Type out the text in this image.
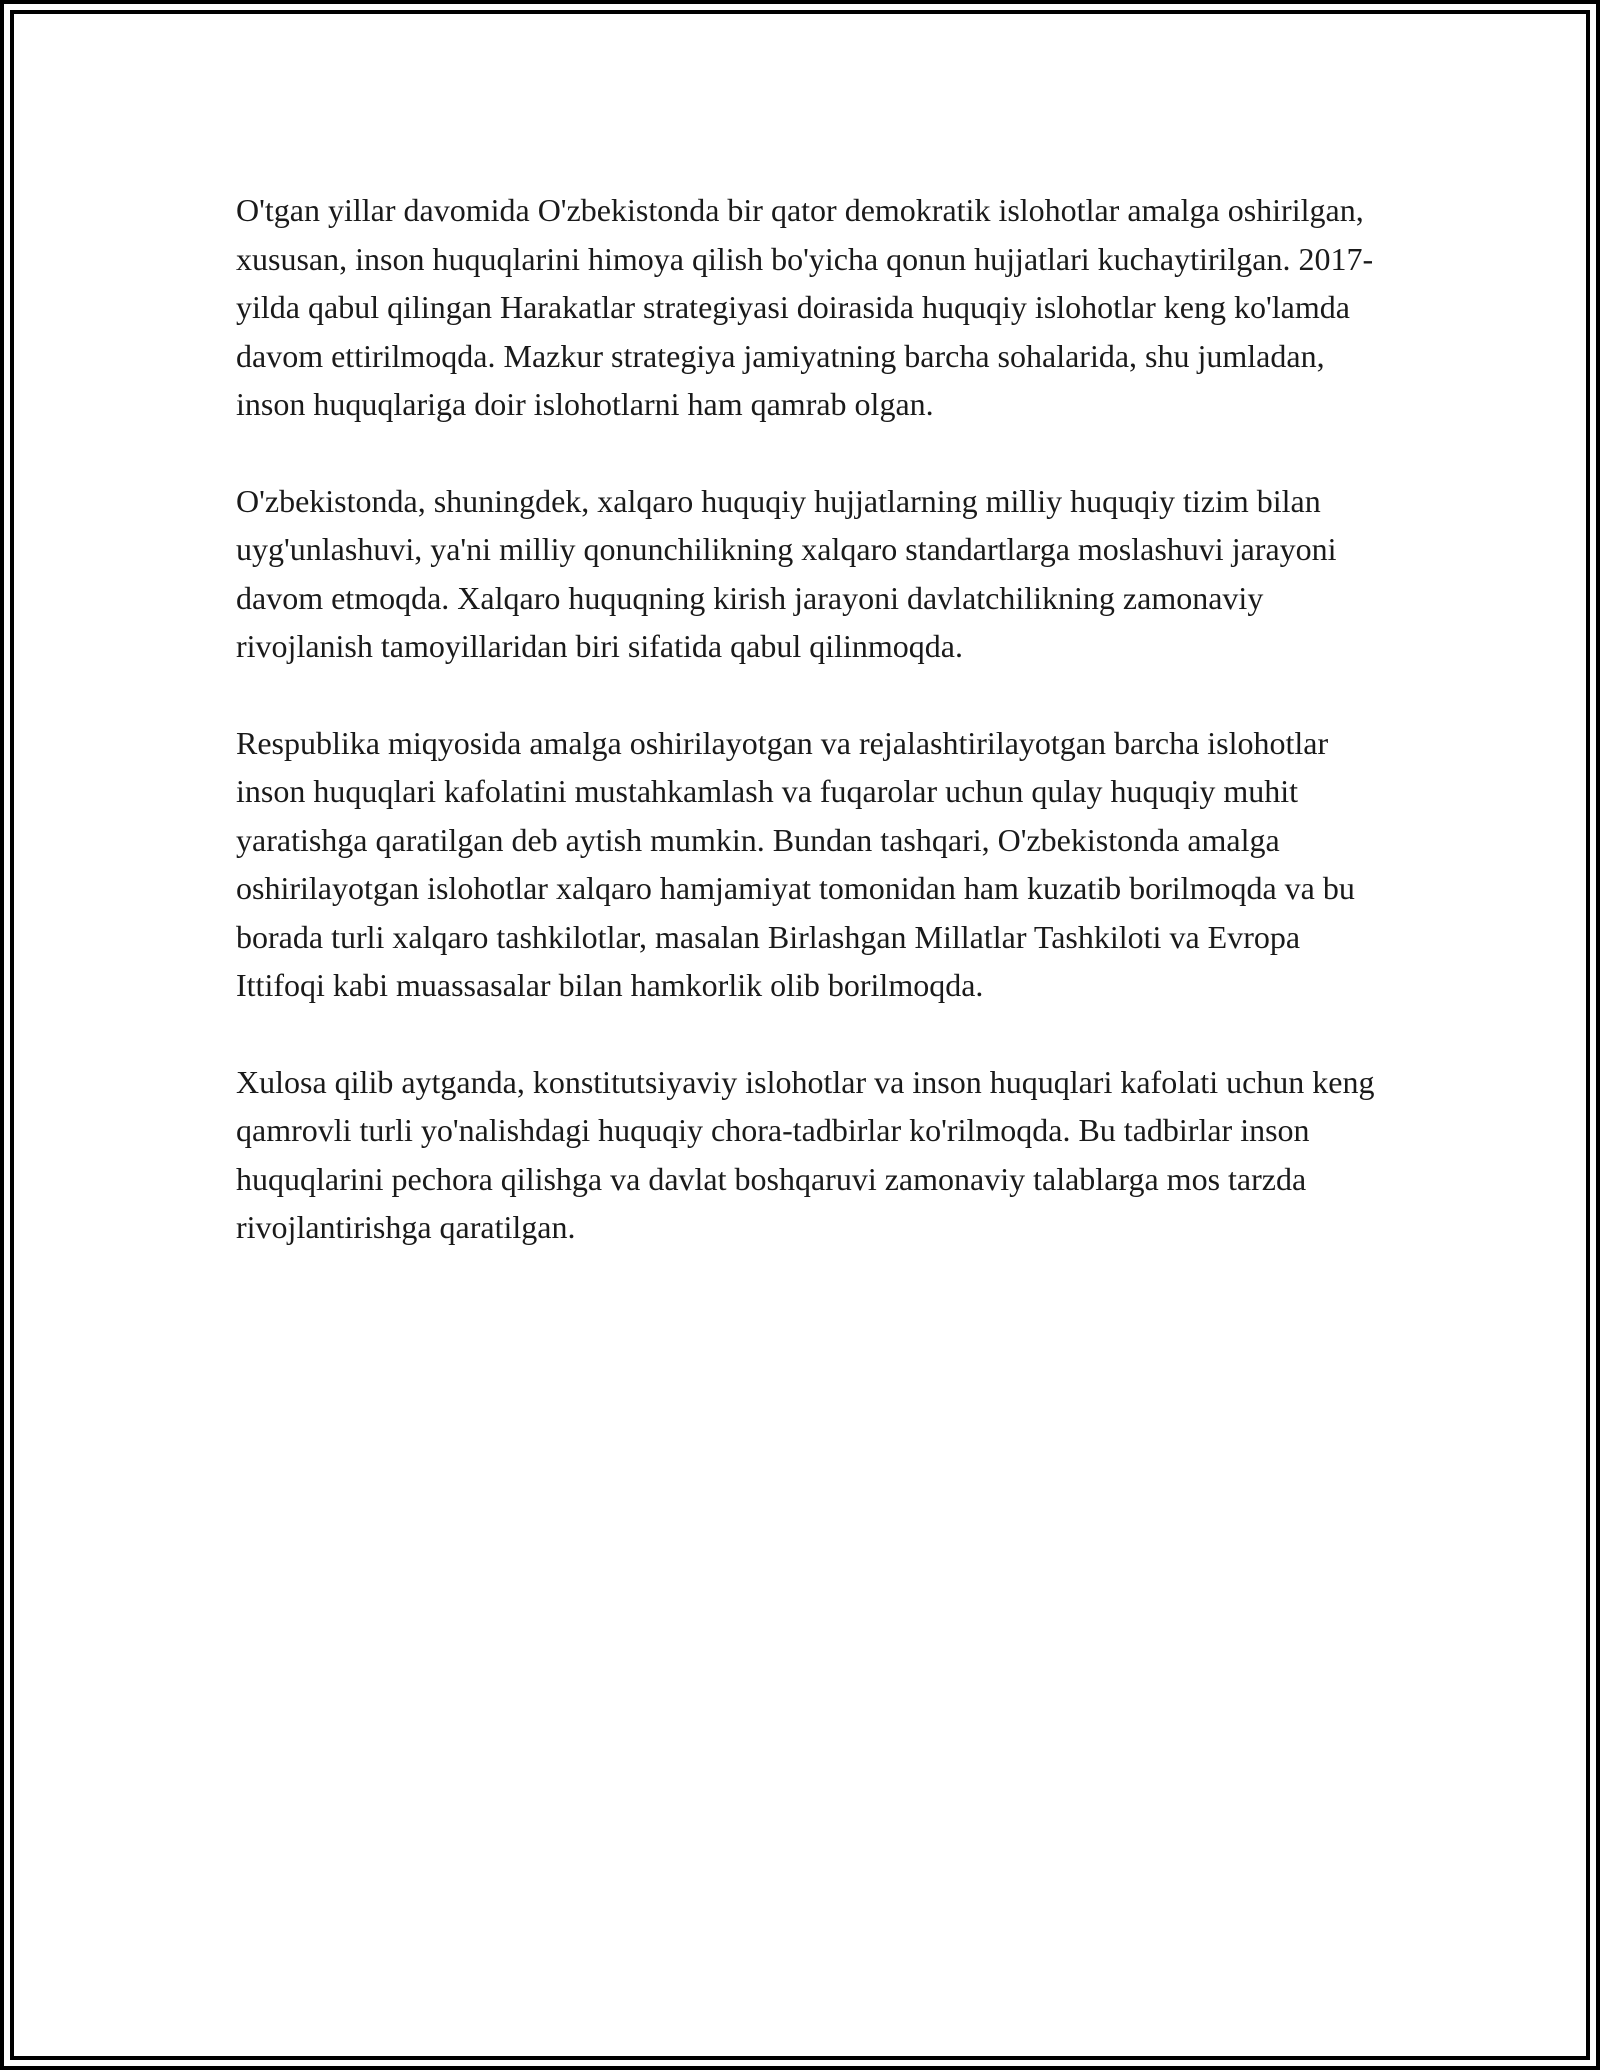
O'tgan yillar davomida O'zbekistonda bir qator demokratik islohotlar amalga oshirilgan, xususan, inson huquqlarini himoya qilish bo'yicha qonun hujjatlari kuchaytirilgan. 2017-yilda qabul qilingan Harakatlar strategiyasi doirasida huquqiy islohotlar keng ko'lamda davom ettirilmoqda. Mazkur strategiya jamiyatning barcha sohalarida, shu jumladan, inson huquqlariga doir islohotlarni ham qamrab olgan.

O'zbekistonda, shuningdek, xalqaro huquqiy hujjatlarning milliy huquqiy tizim bilan uyg'unlashuvi, ya'ni milliy qonunchilikning xalqaro standartlarga moslashuvi jarayoni davom etmoqda. Xalqaro huquqning kirish jarayoni davlatchilikning zamonaviy rivojlanish tamoyillaridan biri sifatida qabul qilinmoqda.

Respublika miqyosida amalga oshirilayotgan va rejalashtirilayotgan barcha islohotlar inson huquqlari kafolatini mustahkamlash va fuqarolar uchun qulay huquqiy muhit yaratishga qaratilgan deb aytish mumkin. Bundan tashqari, O'zbekistonda amalga oshirilayotgan islohotlar xalqaro hamjamiyat tomonidan ham kuzatib borilmoqda va bu borada turli xalqaro tashkilotlar, masalan Birlashgan Millatlar Tashkiloti va Evropa Ittifoqi kabi muassasalar bilan hamkorlik olib borilmoqda.

Xulosa qilib aytganda, konstitutsiyaviy islohotlar va inson huquqlari kafolati uchun keng qamrovli turli yo'nalishdagi huquqiy chora-tadbirlar ko'rilmoqda. Bu tadbirlar inson huquqlarini pechora qilishga va davlat boshqaruvi zamonaviy talablarga mos tarzda rivojlantirishga qaratilgan.
